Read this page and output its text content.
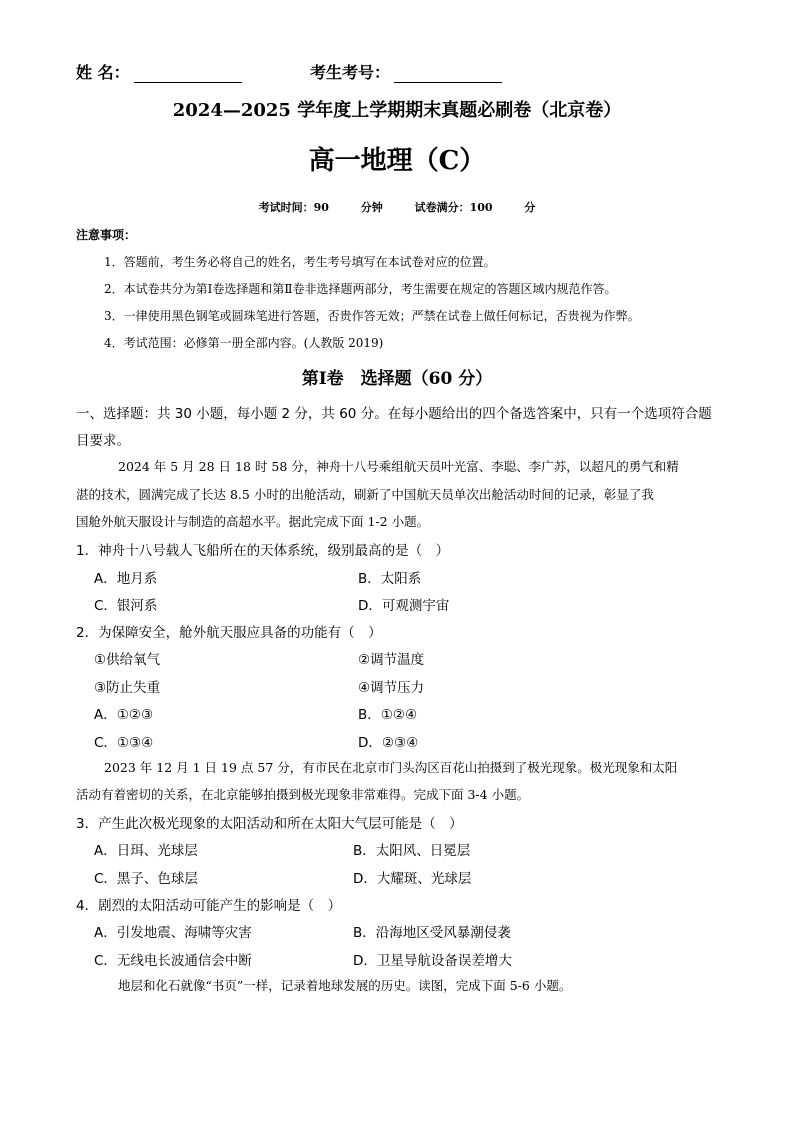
姓 名：	考生考号：
2024—2025 学年度上学期期末真题必刷卷（北京卷）
高一地理（C）
考试时间：90 分钟 试卷满分：100 分
注意事项：
1．答题前，考生务必将自己的姓名，考生考号填写在本试卷对应的位置。
2．本试卷共分为第Ⅰ卷选择题和第Ⅱ卷非选择题两部分，考生需要在规定的答题区域内规范作答。
3．一律使用黑色钢笔或圆珠笔进行答题，否贵作答无效；严禁在试卷上做任何标记，否贵视为作弊。
4．考试范围：必修第一册全部内容。(人教版 2019)
第Ⅰ卷　选择题（60 分）
一、选择题：共 30 小题，每小题 2 分，共 60 分。在每小题给出的四个备选答案中，只有一个选项符合题
目要求。
2024 年 5 月 28 日 18 时 58 分，神舟十八号乘组航天员叶光富、李聪、李广苏，以超凡的勇气和精
湛的技术，圆满完成了长达 8.5 小时的出舱活动，刷新了中国航天员单次出舱活动时间的记录，彰显了我
国舱外航天服设计与制造的高超水平。据此完成下面 1-2 小题。
1．神舟十八号载人飞船所在的天体系统，级别最高的是（　）
A．地月系	B．太阳系
C．银河系	D．可观测宇宙
2．为保障安全，舱外航天服应具备的功能有（　）
①供给氧气	②调节温度
③防止失重	④调节压力
A．①②③	B．①②④
C．①③④	D．②③④
2023 年 12 月 1 日 19 点 57 分，有市民在北京市门头沟区百花山拍摄到了极光现象。极光现象和太阳
活动有着密切的关系，在北京能够拍摄到极光现象非常难得。完成下面 3-4 小题。
3．产生此次极光现象的太阳活动和所在太阳大气层可能是（　）
A．日珥、光球层	B．太阳风、日冕层
C．黑子、色球层	D．大耀斑、光球层
4．剧烈的太阳活动可能产生的影响是（　）
A．引发地震、海啸等灾害	B．沿海地区受风暴潮侵袭
C．无线电长波通信会中断	D．卫星导航设备误差增大
地层和化石就像“书页”一样，记录着地球发展的历史。读图，完成下面 5-6 小题。
